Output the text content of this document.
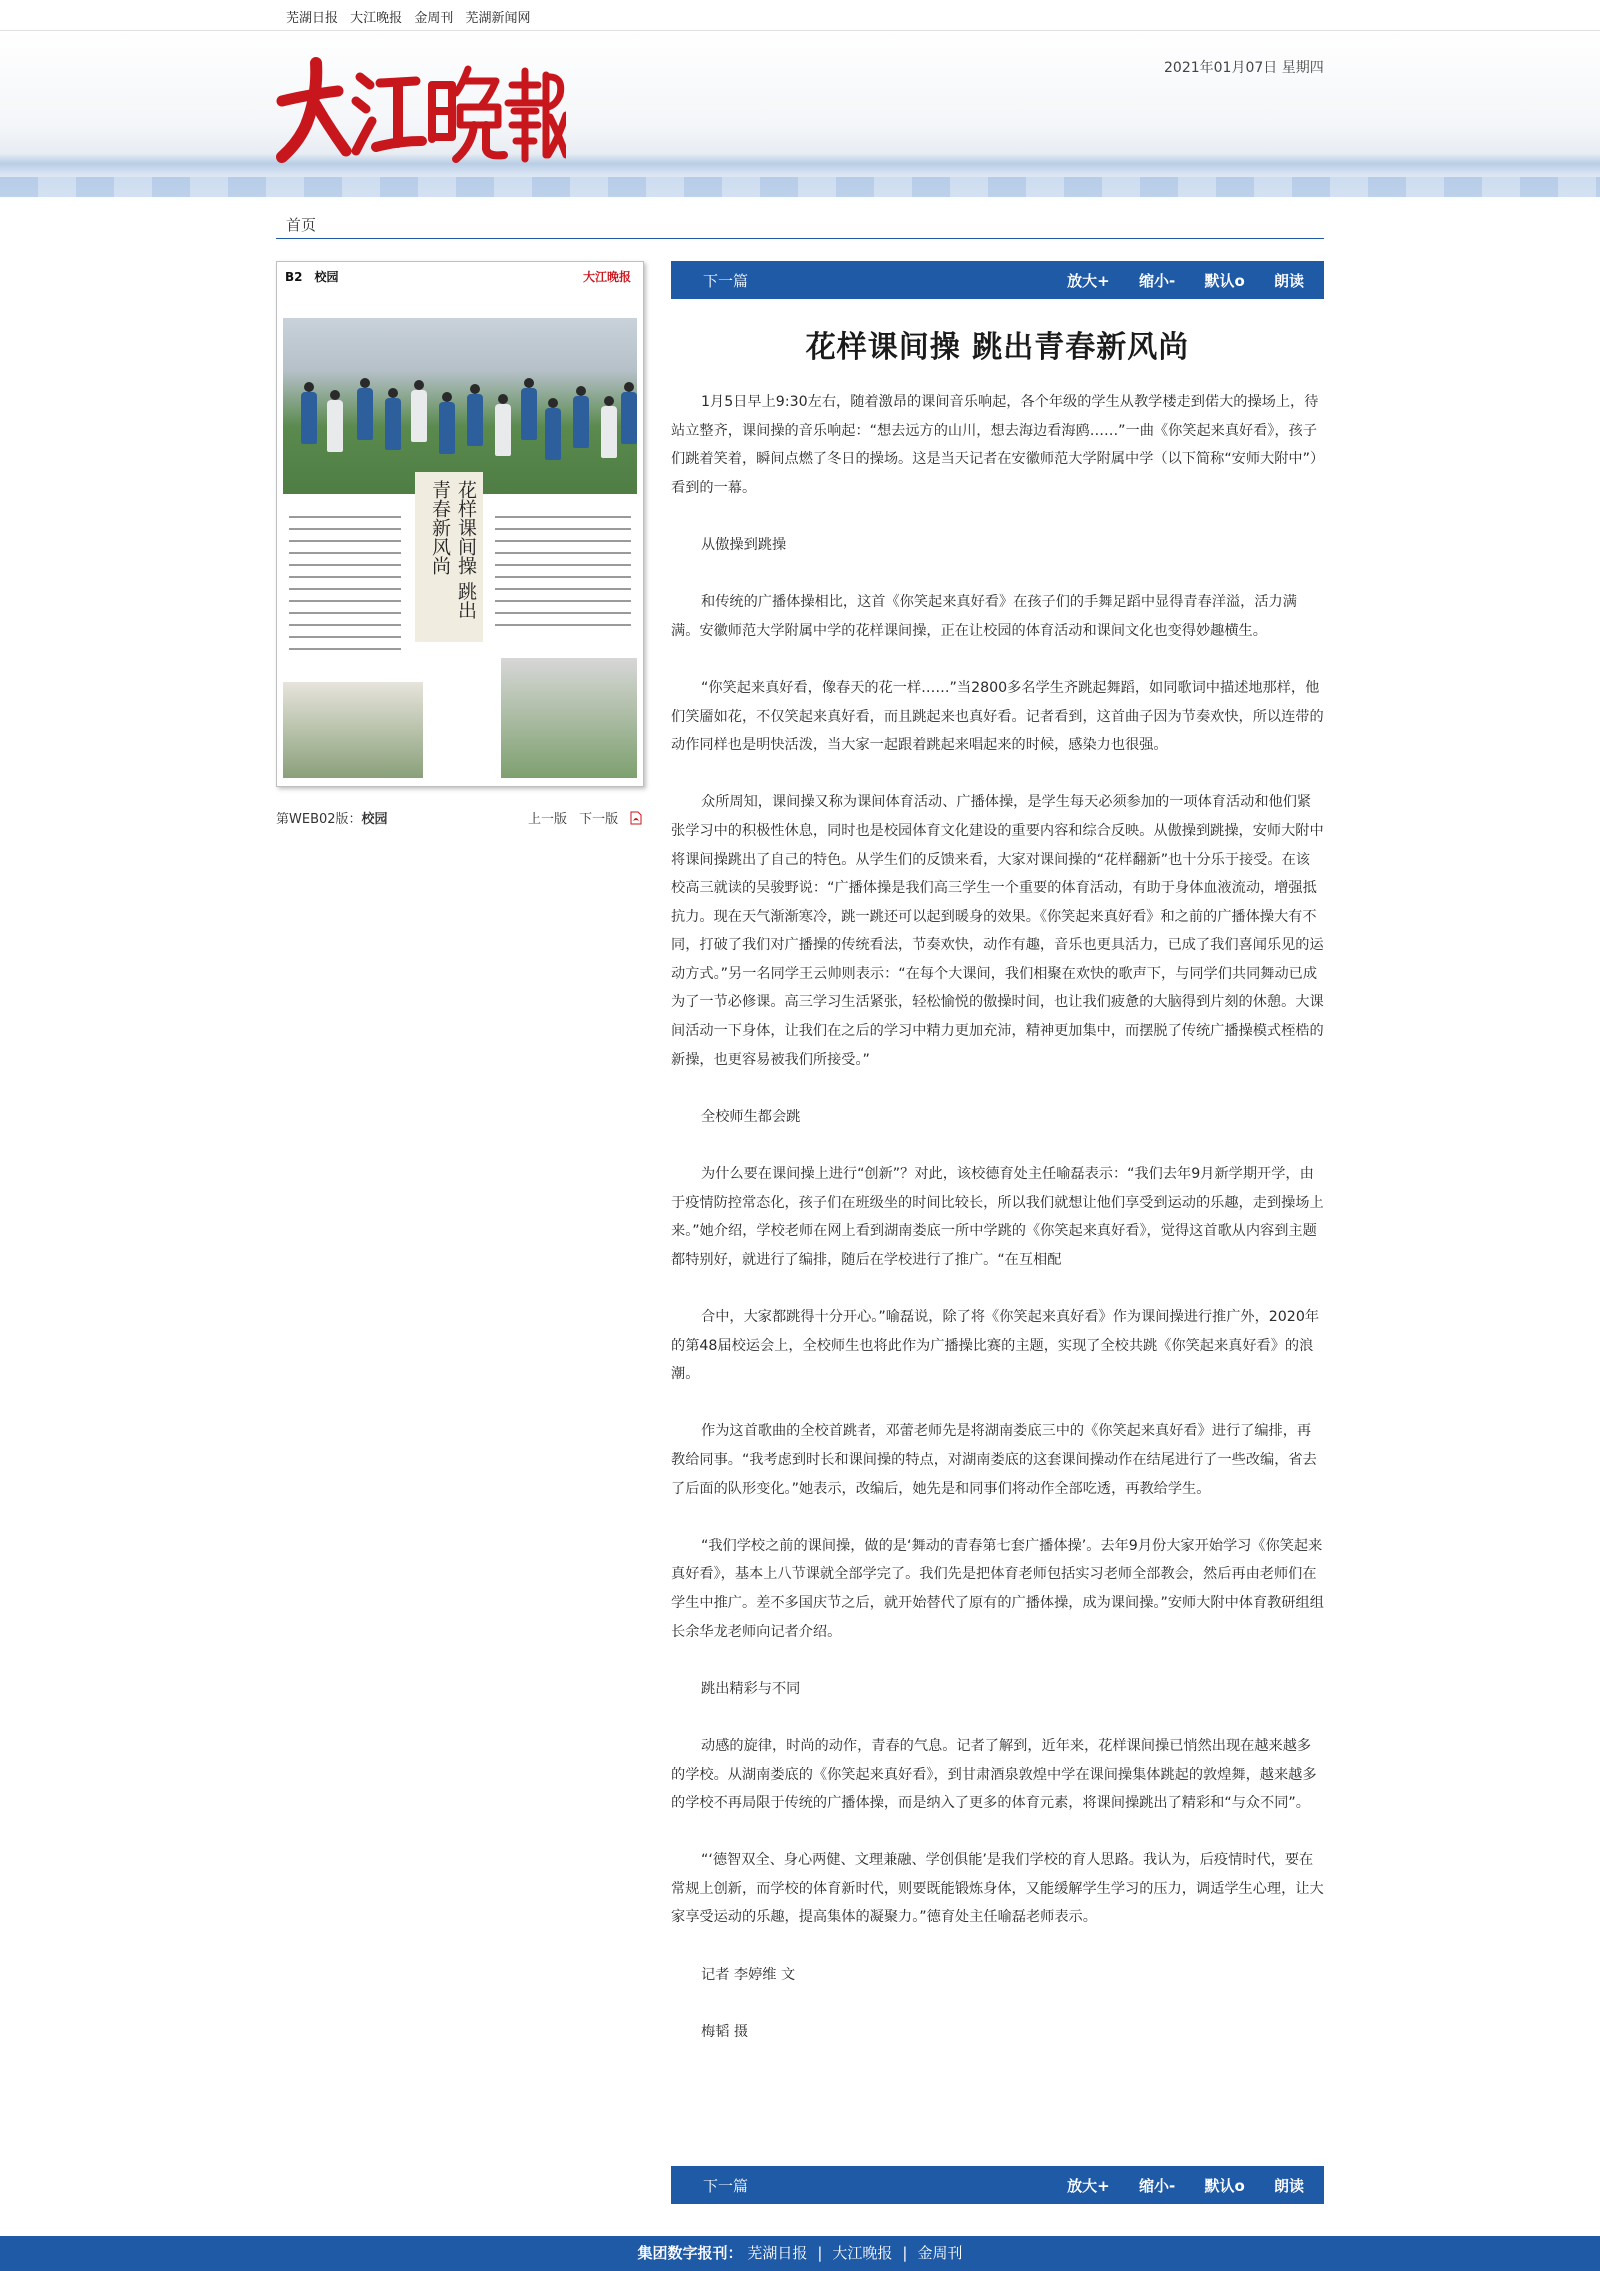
芜湖日报 大江晚报 金周刊 芜湖新闻网
2021年01月07日 星期四
首页
B2　校园	大江晚报
花样课间操 跳出青春新风尚
第WEB02版：校园	上一版 下一版
下一篇	放大+ 缩小- 默认o 朗读
花样课间操 跳出青春新风尚

1月5日早上9:30左右，随着激昂的课间音乐响起，各个年级的学生从教学楼走到偌大的操场上，待站立整齐，课间操的音乐响起：“想去远方的山川，想去海边看海鸥……”一曲《你笑起来真好看》，孩子们跳着笑着，瞬间点燃了冬日的操场。这是当天记者在安徽师范大学附属中学（以下简称“安师大附中”）看到的一幕。

从傲操到跳操

和传统的广播体操相比，这首《你笑起来真好看》在孩子们的手舞足蹈中显得青春洋溢，活力满满。安徽师范大学附属中学的花样课间操，正在让校园的体育活动和课间文化也变得妙趣横生。

“你笑起来真好看，像春天的花一样……”当2800多名学生齐跳起舞蹈，如同歌词中描述地那样，他们笑靥如花，不仅笑起来真好看，而且跳起来也真好看。记者看到，这首曲子因为节奏欢快，所以连带的动作同样也是明快活泼，当大家一起跟着跳起来唱起来的时候，感染力也很强。

众所周知，课间操又称为课间体育活动、广播体操，是学生每天必须参加的一项体育活动和他们紧张学习中的积极性休息，同时也是校园体育文化建设的重要内容和综合反映。从傲操到跳操，安师大附中将课间操跳出了自己的特色。从学生们的反馈来看，大家对课间操的“花样翻新”也十分乐于接受。在该校高三就读的吴骏野说：“广播体操是我们高三学生一个重要的体育活动，有助于身体血液流动，增强抵抗力。现在天气渐渐寒冷，跳一跳还可以起到暖身的效果。《你笑起来真好看》和之前的广播体操大有不同，打破了我们对广播操的传统看法，节奏欢快，动作有趣，音乐也更具活力，已成了我们喜闻乐见的运动方式。”另一名同学王云帅则表示：“在每个大课间，我们相聚在欢快的歌声下，与同学们共同舞动已成为了一节必修课。高三学习生活紧张，轻松愉悦的傲操时间，也让我们疲惫的大脑得到片刻的休憩。大课间活动一下身体，让我们在之后的学习中精力更加充沛，精神更加集中，而摆脱了传统广播操模式桎梏的新操，也更容易被我们所接受。”

全校师生都会跳

为什么要在课间操上进行“创新”？对此，该校德育处主任喻磊表示：“我们去年9月新学期开学，由于疫情防控常态化，孩子们在班级坐的时间比较长，所以我们就想让他们享受到运动的乐趣，走到操场上来。”她介绍，学校老师在网上看到湖南娄底一所中学跳的《你笑起来真好看》，觉得这首歌从内容到主题都特别好，就进行了编排，随后在学校进行了推广。“在互相配

合中，大家都跳得十分开心。”喻磊说，除了将《你笑起来真好看》作为课间操进行推广外，2020年的第48届校运会上，全校师生也将此作为广播操比赛的主题，实现了全校共跳《你笑起来真好看》的浪潮。

作为这首歌曲的全校首跳者，邓蕾老师先是将湖南娄底三中的《你笑起来真好看》进行了编排，再教给同事。“我考虑到时长和课间操的特点，对湖南娄底的这套课间操动作在结尾进行了一些改编，省去了后面的队形变化。”她表示，改编后，她先是和同事们将动作全部吃透，再教给学生。

“我们学校之前的课间操，做的是‘舞动的青春第七套广播体操’。去年9月份大家开始学习《你笑起来真好看》，基本上八节课就全部学完了。我们先是把体育老师包括实习老师全部教会，然后再由老师们在学生中推广。差不多国庆节之后，就开始替代了原有的广播体操，成为课间操。”安师大附中体育教研组组长余华龙老师向记者介绍。

跳出精彩与不同

动感的旋律，时尚的动作，青春的气息。记者了解到，近年来，花样课间操已悄然出现在越来越多的学校。从湖南娄底的《你笑起来真好看》，到甘肃酒泉敦煌中学在课间操集体跳起的敦煌舞，越来越多的学校不再局限于传统的广播体操，而是纳入了更多的体育元素，将课间操跳出了精彩和“与众不同”。

“‘德智双全、身心两健、文理兼融、学创俱能’是我们学校的育人思路。我认为，后疫情时代，要在常规上创新，而学校的体育新时代，则要既能锻炼身体，又能缓解学生学习的压力，调适学生心理，让大家享受运动的乐趣，提高集体的凝聚力。”德育处主任喻磊老师表示。

记者 李婷维 文

梅韬 摄

下一篇	放大+ 缩小- 默认o 朗读
集团数字报刊： 芜湖日报 | 大江晚报 | 金周刊
